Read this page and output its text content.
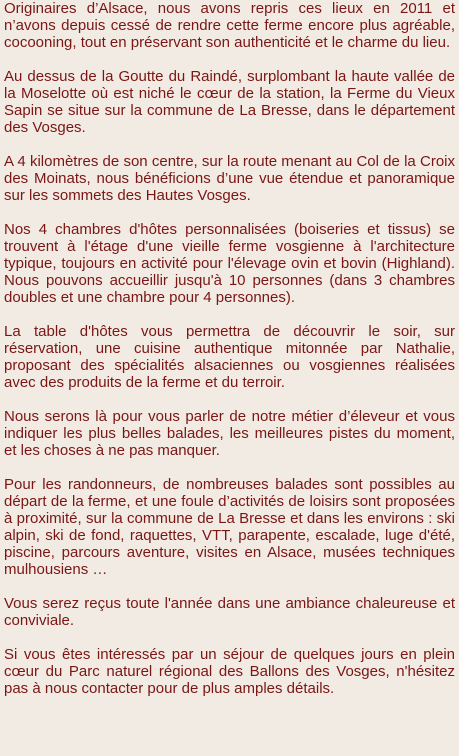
Originaires d’Alsace, nous avons repris ces lieux en 2011 et n’avons depuis cessé de rendre cette ferme encore plus agréable, cocooning, tout en préservant son authenticité et le charme du lieu.

Au dessus de la Goutte du Raindé, surplombant la haute vallée de la Moselotte où est niché le cœur de la station, la Ferme du Vieux Sapin se situe sur la commune de La Bresse, dans le département des Vosges.

A 4 kilomètres de son centre, sur la route menant au Col de la Croix des Moinats, nous bénéficions d’une vue étendue et panoramique sur les sommets des Hautes Vosges.

Nos 4 chambres d'hôtes personnalisées (boiseries et tissus) se trouvent à l'étage d'une vieille ferme vosgienne à l'architecture typique, toujours en activité pour l'élevage ovin et bovin (Highland). Nous pouvons accueillir jusqu'à 10 personnes (dans 3 chambres doubles et une chambre pour 4 personnes).

La table d'hôtes vous permettra de découvrir le soir, sur réservation, une cuisine authentique mitonnée par Nathalie, proposant des spécialités alsaciennes ou vosgiennes réalisées avec des produits de la ferme et du terroir.

Nous serons là pour vous parler de notre métier d’éleveur et vous indiquer les plus belles balades, les meilleures pistes du moment, et les choses à ne pas manquer.

Pour les randonneurs, de nombreuses balades sont possibles au départ de la ferme, et une foule d’activités de loisirs sont proposées à proximité, sur la commune de La Bresse et dans les environs : ski alpin, ski de fond, raquettes, VTT, parapente, escalade, luge d'été, piscine, parcours aventure, visites en Alsace, musées techniques mulhousiens …

Vous serez reçus toute l'année dans une ambiance chaleureuse et conviviale.

Si vous êtes intéressés par un séjour de quelques jours en plein cœur du Parc naturel régional des Ballons des Vosges, n'hésitez pas à nous contacter pour de plus amples détails.
